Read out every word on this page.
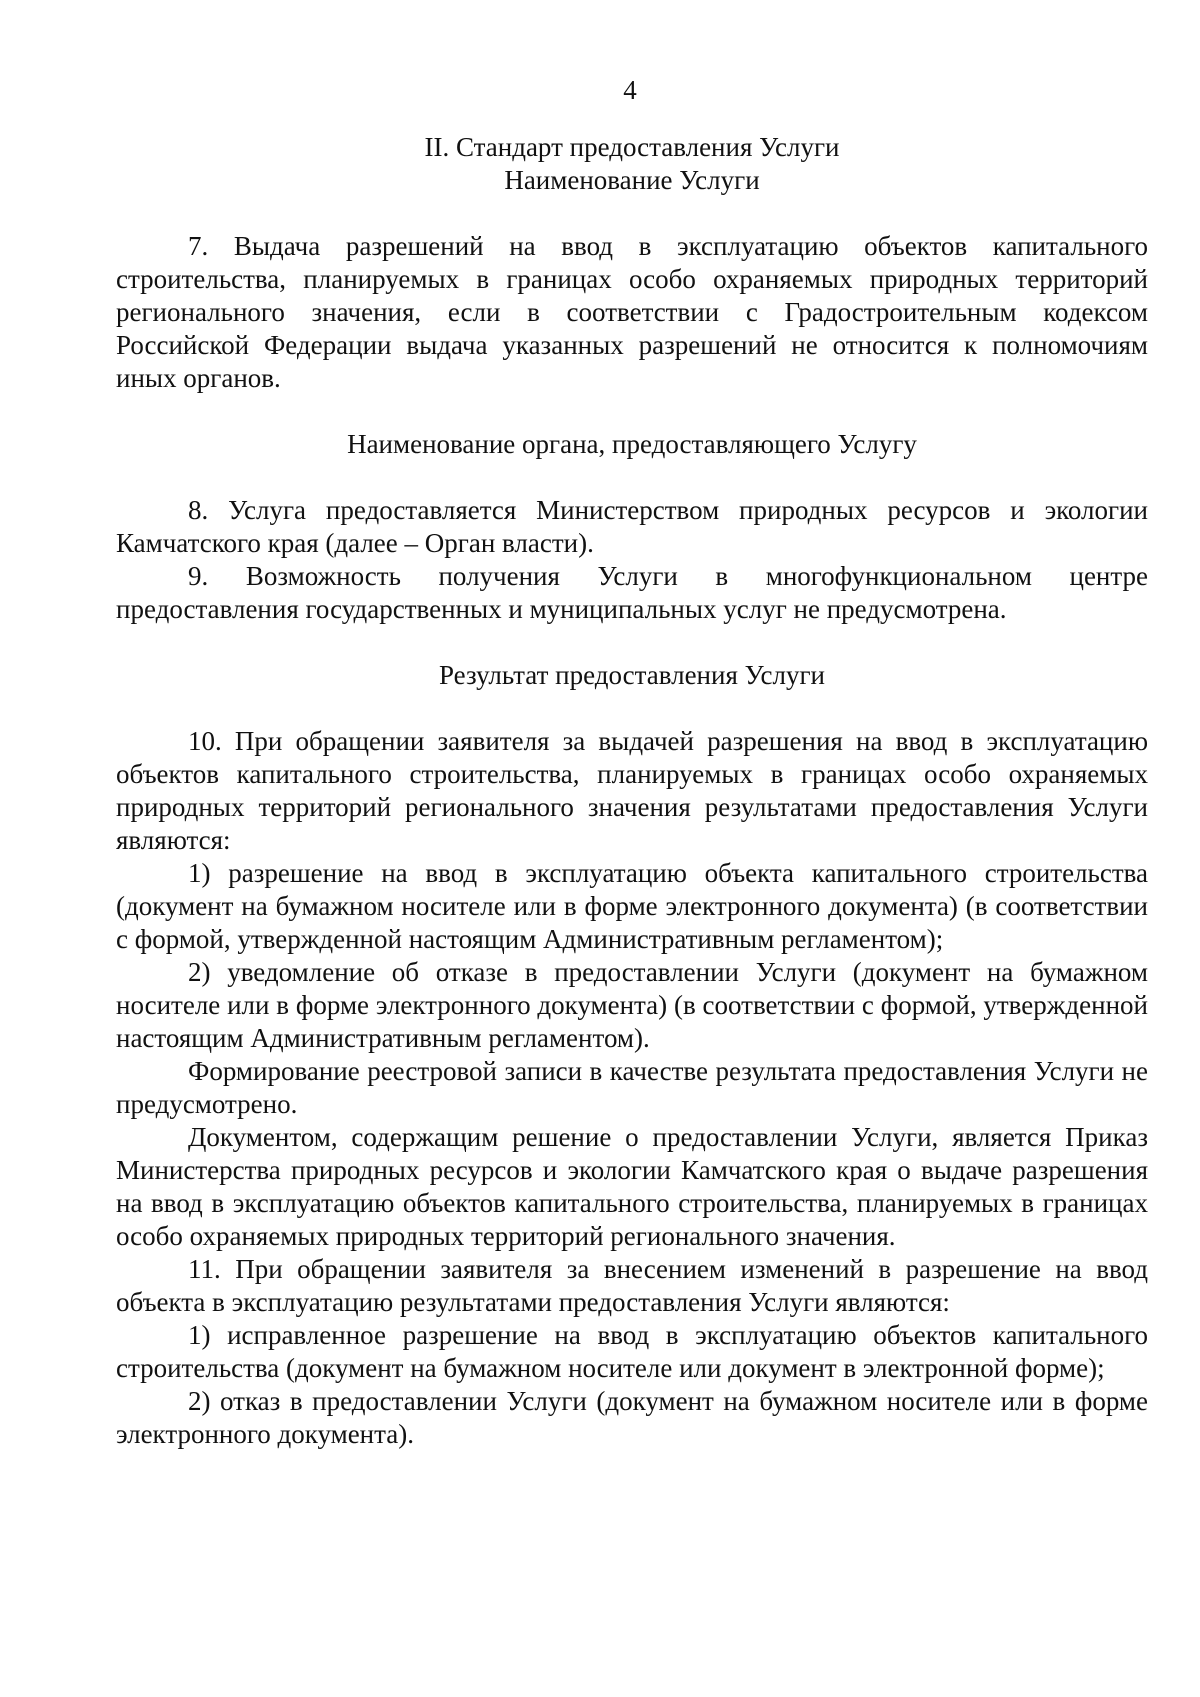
4
II. Стандарт предоставления Услуги
Наименование Услуги

7. Выдача разрешений на ввод в эксплуатацию объектов капитального строительства, планируемых в границах особо охраняемых природных территорий регионального значения, если в соответствии с Градостроительным кодексом Российской Федерации выдача указанных разрешений не относится к полномочиям иных органов.

Наименование органа, предоставляющего Услугу

8. Услуга предоставляется Министерством природных ресурсов и экологии Камчатского края (далее – Орган власти).

9. Возможность получения Услуги в многофункциональном центре предоставления государственных и муниципальных услуг не предусмотрена.

Результат предоставления Услуги

10. При обращении заявителя за выдачей разрешения на ввод в эксплуатацию объектов капитального строительства, планируемых в границах особо охраняемых природных территорий регионального значения результатами предоставления Услуги являются:

1) разрешение на ввод в эксплуатацию объекта капитального строительства (документ на бумажном носителе или в форме электронного документа) (в соответствии с формой, утвержденной настоящим Административным регламентом);

2) уведомление об отказе в предоставлении Услуги (документ на бумажном носителе или в форме электронного документа) (в соответствии с формой, утвержденной настоящим Административным регламентом).

Формирование реестровой записи в качестве результата предоставления Услуги не предусмотрено.

Документом, содержащим решение о предоставлении Услуги, является Приказ Министерства природных ресурсов и экологии Камчатского края о выдаче разрешения на ввод в эксплуатацию объектов капитального строительства, планируемых в границах особо охраняемых природных территорий регионального значения.

11. При обращении заявителя за внесением изменений в разрешение на ввод объекта в эксплуатацию результатами предоставления Услуги являются:

1) исправленное разрешение на ввод в эксплуатацию объектов капитального строительства (документ на бумажном носителе или документ в электронной форме);

2) отказ в предоставлении Услуги (документ на бумажном носителе или в форме электронного документа).
